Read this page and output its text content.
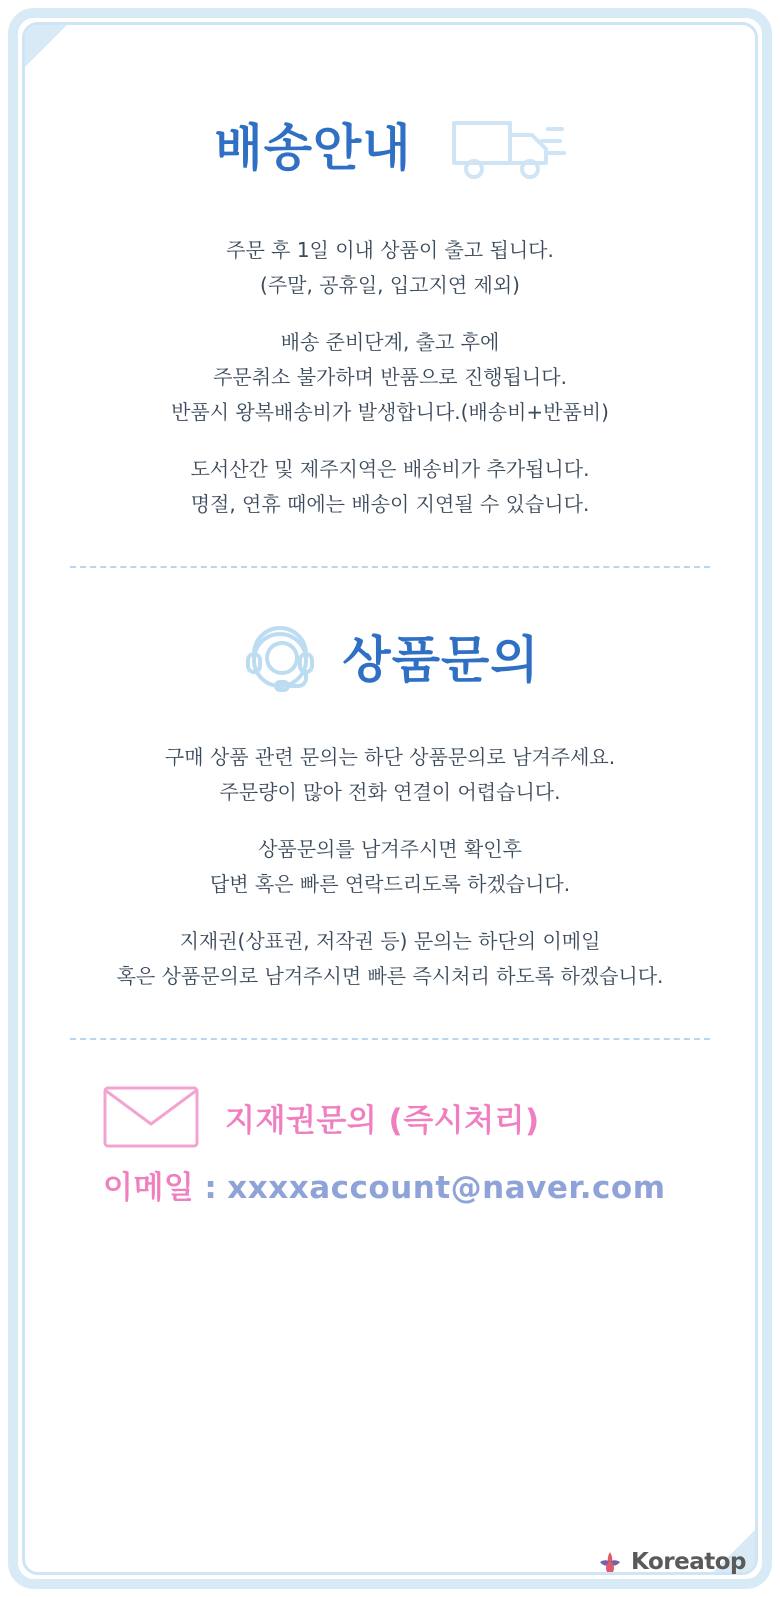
배송안내

주문 후 1일 이내 상품이 출고 됩니다.
(주말, 공휴일, 입고지연 제외)

배송 준비단계, 출고 후에
주문취소 불가하며 반품으로 진행됩니다.
반품시 왕복배송비가 발생합니다.(배송비+반품비)

도서산간 및 제주지역은 배송비가 추가됩니다.
명절, 연휴 때에는 배송이 지연될 수 있습니다.

상품문의

구매 상품 관련 문의는 하단 상품문의로 남겨주세요.
주문량이 많아 전화 연결이 어렵습니다.

상품문의를 남겨주시면 확인후
답변 혹은 빠른 연락드리도록 하겠습니다.

지재권(상표권, 저작권 등) 문의는 하단의 이메일
혹은 상품문의로 남겨주시면 빠른 즉시처리 하도록 하겠습니다.

지재권문의 (즉시처리)
이메일 : xxxxaccount@naver.com
Koreatop
